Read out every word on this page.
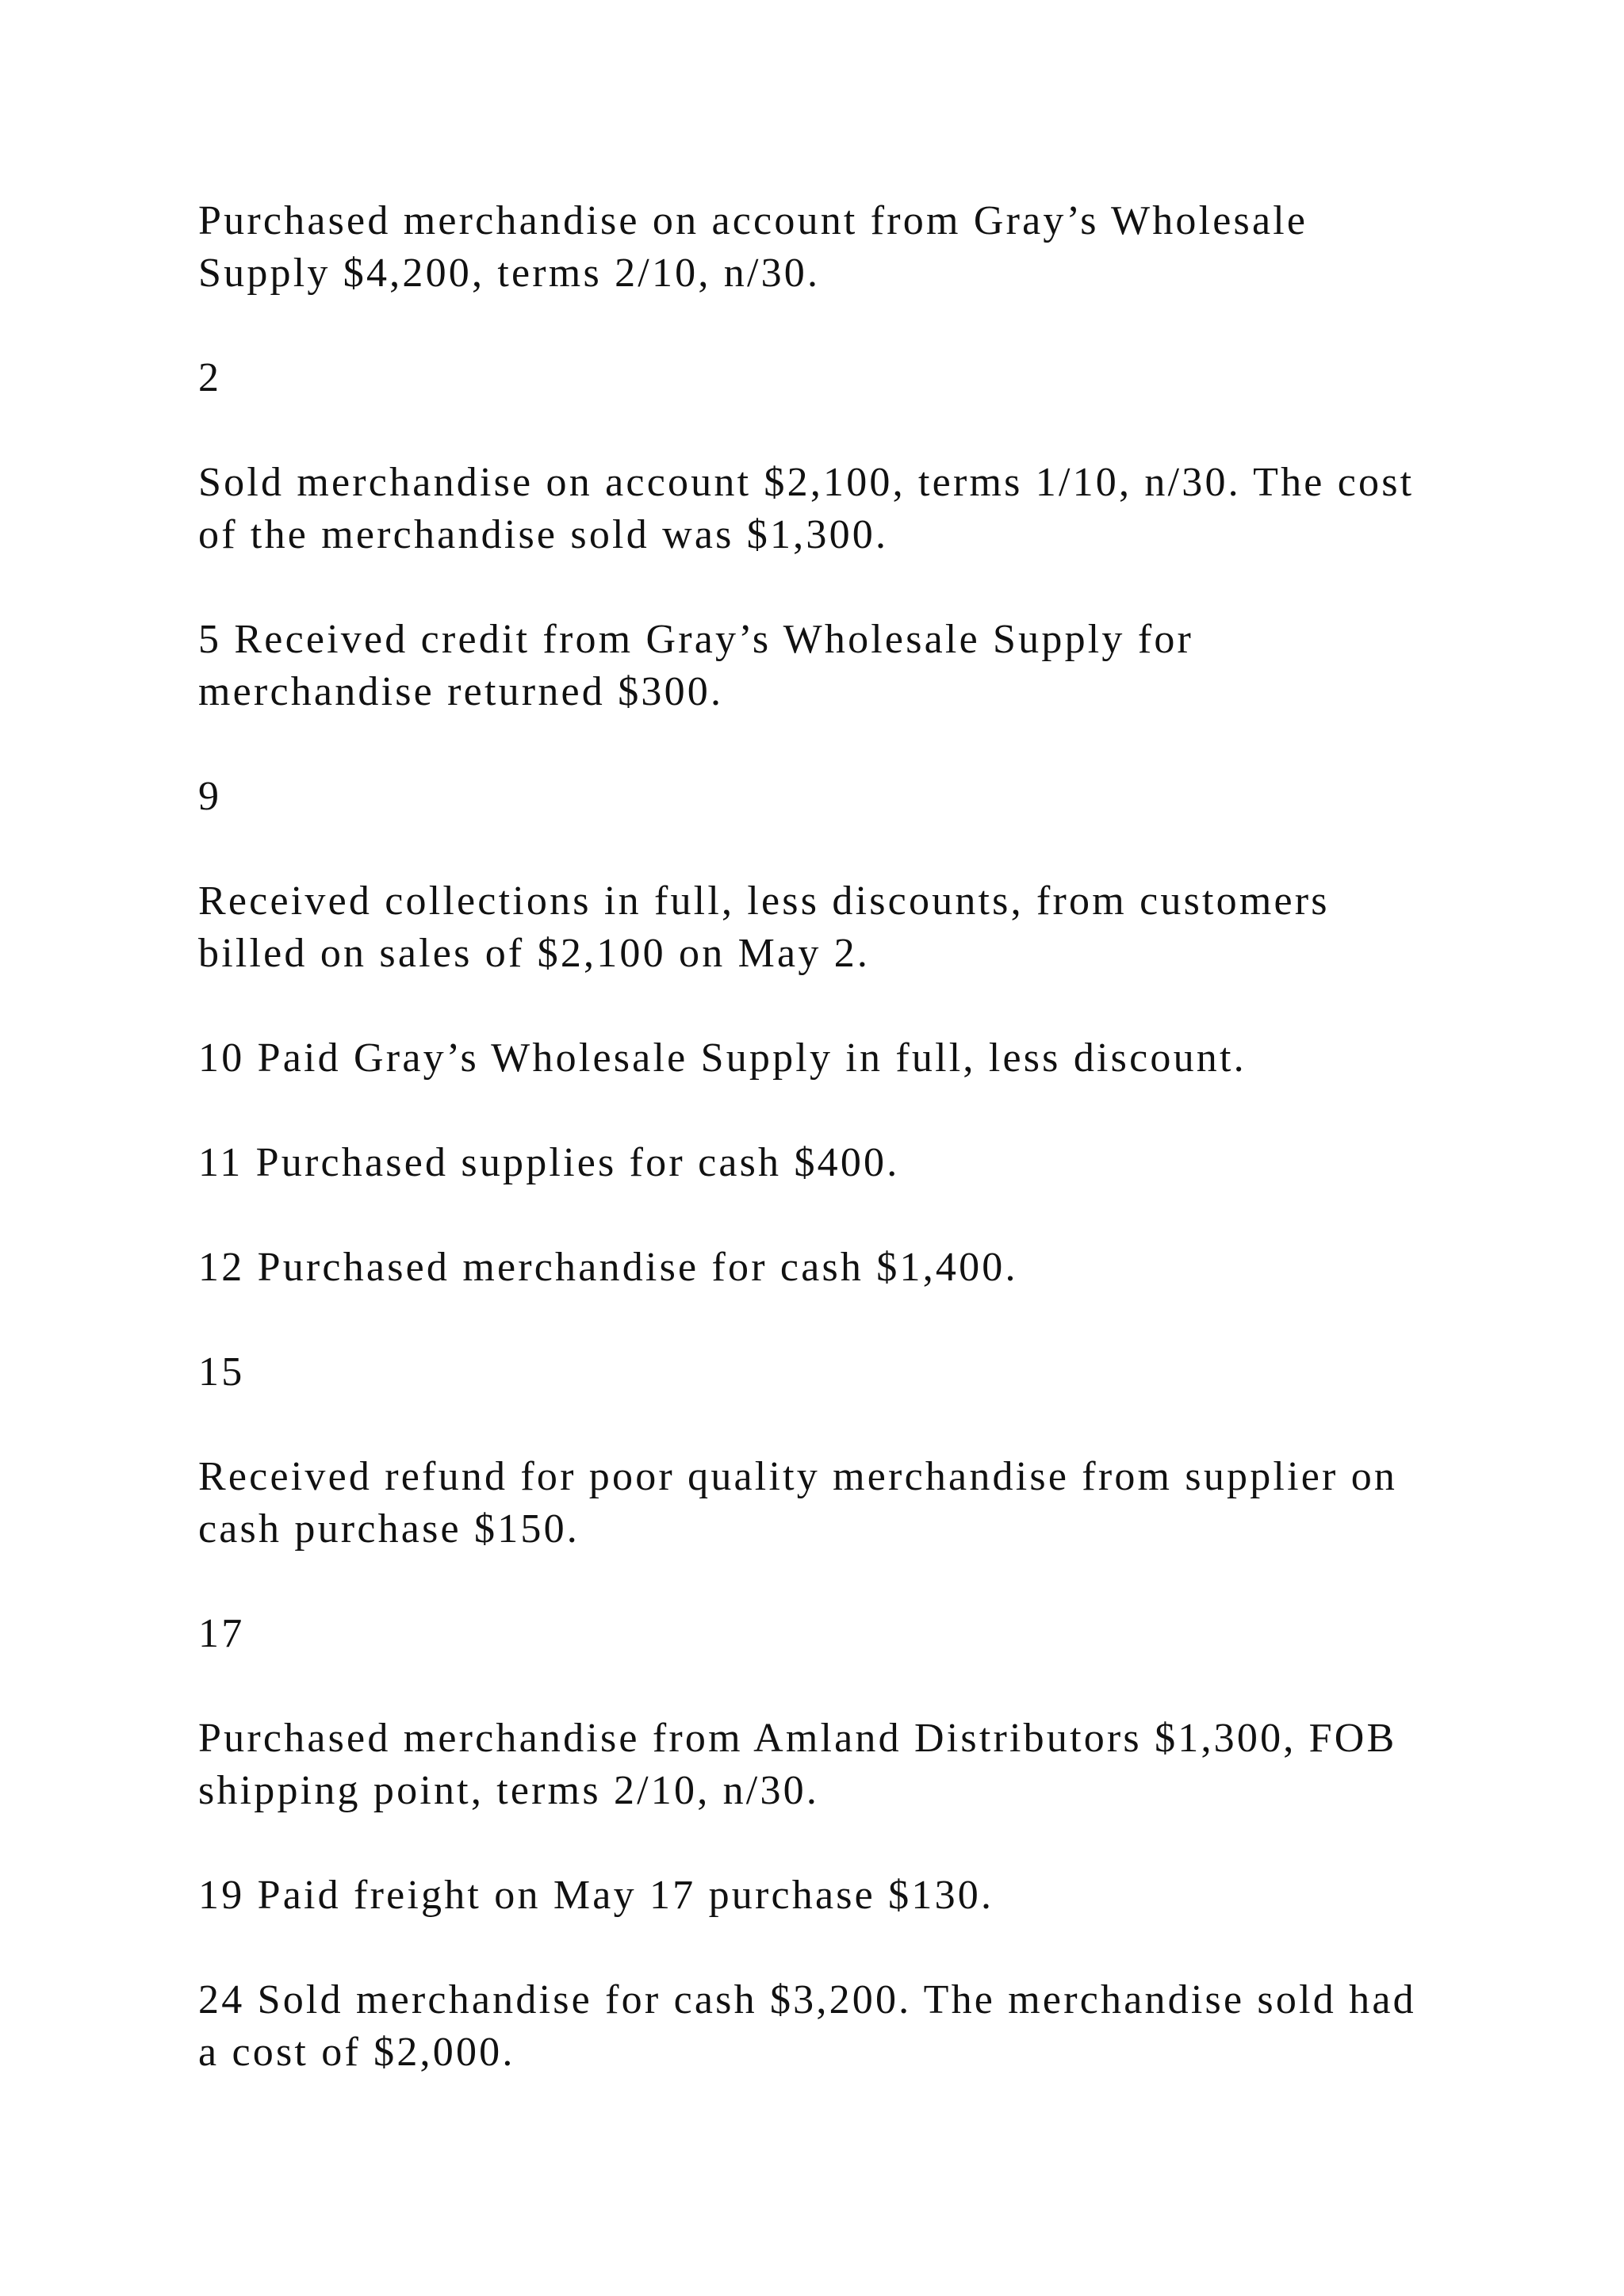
Purchased merchandise on account from Gray’s Wholesale
Supply $4,200, terms 2/10, n/30.

2

Sold merchandise on account $2,100, terms 1/10, n/30. The cost
of the merchandise sold was $1,300.

5 Received credit from Gray’s Wholesale Supply for
merchandise returned $300.

9

Received collections in full, less discounts, from customers
billed on sales of $2,100 on May 2.

10 Paid Gray’s Wholesale Supply in full, less discount.

11 Purchased supplies for cash $400.

12 Purchased merchandise for cash $1,400.

15

Received refund for poor quality merchandise from supplier on
cash purchase $150.

17

Purchased merchandise from Amland Distributors $1,300, FOB
shipping point, terms 2/10, n/30.

19 Paid freight on May 17 purchase $130.

24 Sold merchandise for cash $3,200. The merchandise sold had
a cost of $2,000.
